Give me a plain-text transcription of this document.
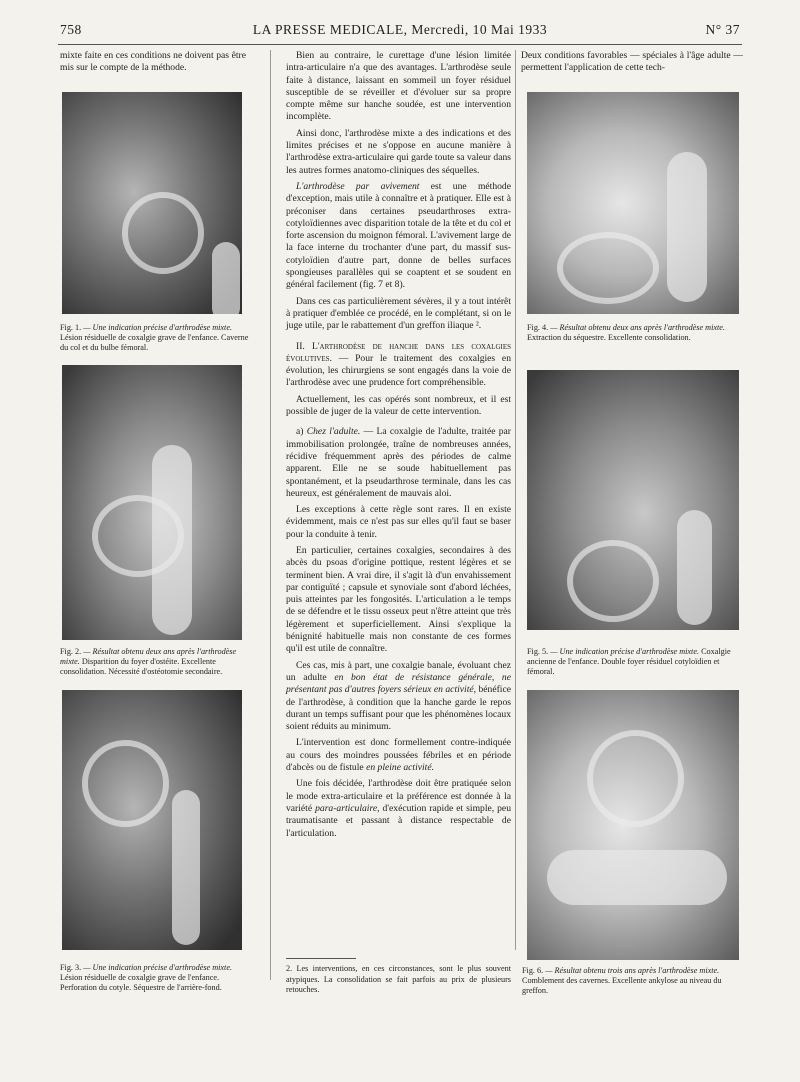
758	LA PRESSE MEDICALE, Mercredi, 10 Mai 1933	N° 37

mixte faite en ces conditions ne doivent pas être mis sur le compte de la méthode.

Fig. 1. — Une indication précise d'arthrodèse mixte. Lésion résiduelle de coxalgie grave de l'enfance. Caverne du col et du bulbe fémoral.
Fig. 2. — Résultat obtenu deux ans après l'arthrodèse mixte. Disparition du foyer d'ostéite. Excellente consolidation. Nécessité d'ostéotomie secondaire.
Fig. 3. — Une indication précise d'arthrodèse mixte. Lésion résiduelle de coxalgie grave de l'enfance. Perforation du cotyle. Séquestre de l'arrière-fond.

Bien au contraire, le curettage d'une lésion limitée intra-articulaire n'a que des avantages. L'arthrodèse seule faite à distance, laissant en sommeil un foyer résiduel susceptible de se réveiller et d'évoluer sur sa propre compte même sur hanche soudée, est une intervention incomplète.

Ainsi donc, l'arthrodèse mixte a des indications et des limites précises et ne s'oppose en aucune manière à l'arthrodèse extra-articulaire qui garde toute sa valeur dans les autres formes anatomo-cliniques des séquelles.

L'arthrodèse par avivement est une méthode d'exception, mais utile à connaître et à pratiquer. Elle est à préconiser dans certaines pseudarthroses extra-cotyloïdiennes avec disparition totale de la tête et du col et forte ascension du moignon fémoral. L'avivement large de la face interne du trochanter d'une part, du massif sus-cotyloïdien d'autre part, donne de belles surfaces spongieuses parallèles qui se coaptent et se soudent en général facilement (fig. 7 et 8).

Dans ces cas particulièrement sévères, il y a tout intérêt à pratiquer d'emblée ce procédé, en le complétant, si on le juge utile, par le rabattement d'un greffon iliaque ².

II. L'arthrodèse de hanche dans les coxalgies évolutives. — Pour le traitement des coxalgies en évolution, les chirurgiens se sont engagés dans la voie de l'arthrodèse avec une prudence fort compréhensible.

Actuellement, les cas opérés sont nombreux, et il est possible de juger de la valeur de cette intervention.

a) Chez l'adulte. — La coxalgie de l'adulte, traitée par immobilisation prolongée, traîne de nombreuses années, récidive fréquemment après des périodes de calme apparent. Elle ne se soude habituellement pas spontanément, et la pseudarthrose terminale, dans les cas heureux, est généralement de mauvais aloi.

Les exceptions à cette règle sont rares. Il en existe évidemment, mais ce n'est pas sur elles qu'il faut se baser pour la conduite à tenir.

En particulier, certaines coxalgies, secondaires à des abcès du psoas d'origine pottique, restent légères et se terminent bien. A vrai dire, il s'agit là d'un envahissement par contiguïté ; capsule et synoviale sont d'abord léchées, puis atteintes par les fongosités. L'articulation a le temps de se défendre et le tissu osseux peut n'être atteint que très légèrement et superficiellement. Ainsi s'explique la bénignité habituelle mais non constante de ces formes qu'il est utile de connaître.

Ces cas, mis à part, une coxalgie banale, évoluant chez un adulte en bon état de résistance générale, ne présentant pas d'autres foyers sérieux en activité, bénéfice de l'arthrodèse, à condition que la hanche garde le repos durant un temps suffisant pour que les phénomènes locaux soient réduits au minimum.

L'intervention est donc formellement contre-indiquée au cours des moindres poussées fébriles et en période d'abcès ou de fistule en pleine activité.

Une fois décidée, l'arthrodèse doit être pratiquée selon le mode extra-articulaire et la préférence est donnée à la variété para-articulaire, d'exécution rapide et simple, peu traumatisante et passant à distance respectable de l'articulation.

2. Les interventions, en ces circonstances, sont le plus souvent atypiques. La consolidation se fait parfois au prix de plusieurs retouches.

Deux conditions favorables — spéciales à l'âge adulte — permettent l'application de cette tech-

Fig. 4. — Résultat obtenu deux ans après l'arthrodèse mixte. Extraction du séquestre. Excellente consolidation.
Fig. 5. — Une indication précise d'arthrodèse mixte. Coxalgie ancienne de l'enfance. Double foyer résiduel cotyloïdien et fémoral.
Fig. 6. — Résultat obtenu trois ans après l'arthrodèse mixte. Comblement des cavernes. Excellente ankylose au niveau du greffon.
